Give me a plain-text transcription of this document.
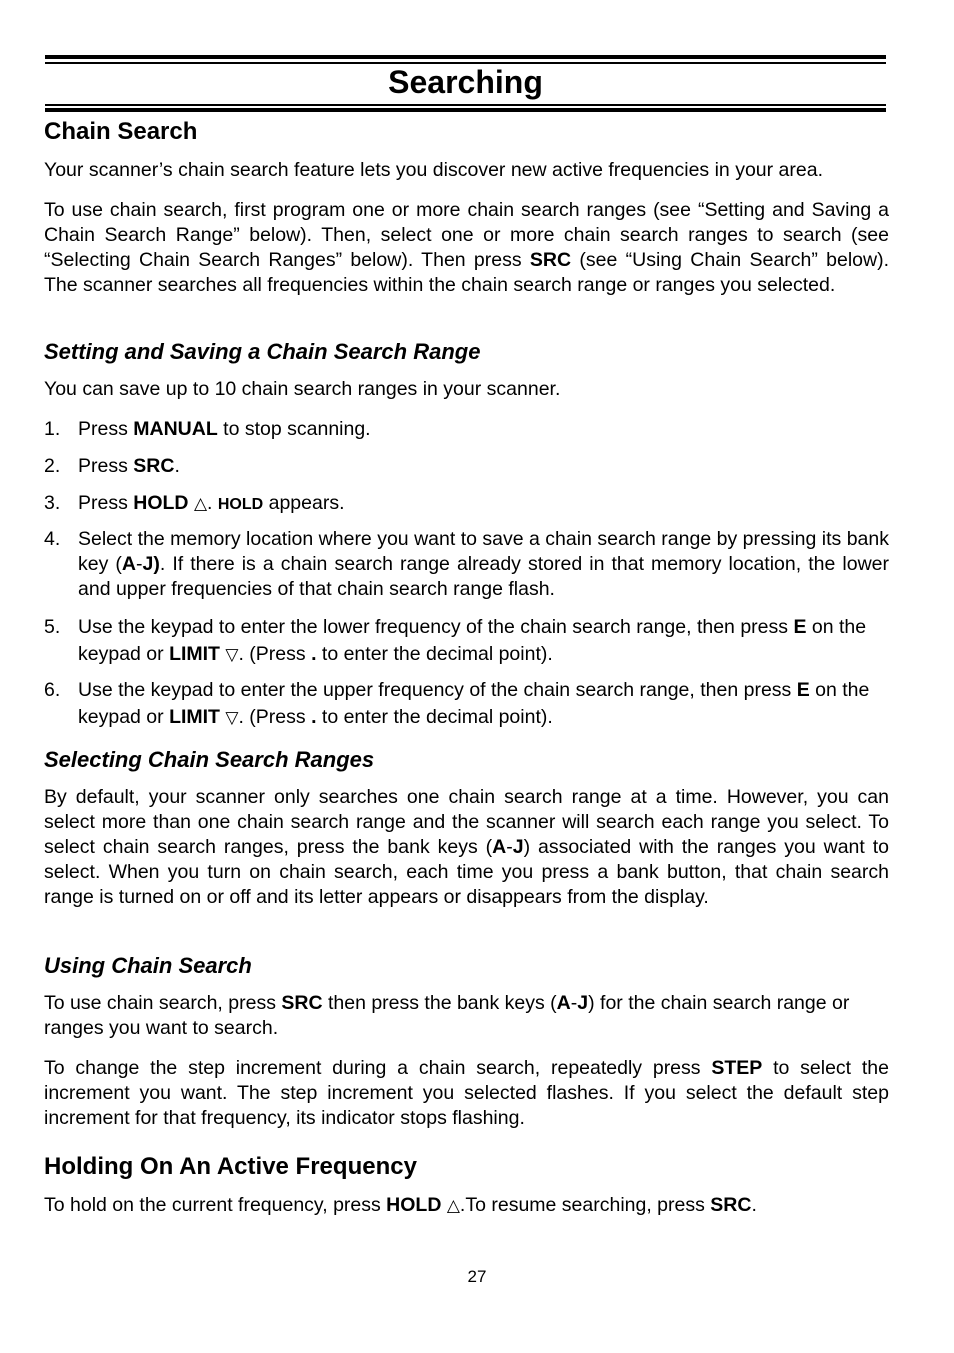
Searching
Chain Search

Your scanner’s chain search feature lets you discover new active frequencies in your area.

To use chain search, first program one or more chain search ranges (see “Setting and Saving a Chain Search Range” below). Then, select one or more chain search ranges to search (see “Selecting Chain Search Ranges” below). Then press SRC (see “Using Chain Search” below). The scanner searches all frequencies within the chain search range or ranges you selected.

Setting and Saving a Chain Search Range

You can save up to 10 chain search ranges in your scanner.

1. Press MANUAL to stop scanning.
2. Press SRC.
3. Press HOLD △. HOLD appears.
4. Select the memory location where you want to save a chain search range by pressing its bank key (A-J). If there is a chain search range already stored in that memory location, the lower and upper frequencies of that chain search range flash.
5. Use the keypad to enter the lower frequency of the chain search range, then press E on the keypad or LIMIT ▽. (Press . to enter the decimal point).
6. Use the keypad to enter the upper frequency of the chain search range, then press E on the keypad or LIMIT ▽. (Press . to enter the decimal point).
Selecting Chain Search Ranges

By default, your scanner only searches one chain search range at a time. However, you can select more than one chain search range and the scanner will search each range you select. To select chain search ranges, press the bank keys (A-J) associated with the ranges you want to select. When you turn on chain search, each time you press a bank button, that chain search range is turned on or off and its letter appears or disappears from the display.

Using Chain Search

To use chain search, press SRC then press the bank keys (A-J) for the chain search range or ranges you want to search.

To change the step increment during a chain search, repeatedly press STEP to select the increment you want. The step increment you selected flashes. If you select the default step increment for that frequency, its indicator stops flashing.

Holding On An Active Frequency

To hold on the current frequency, press HOLD △.To resume searching, press SRC.

27
